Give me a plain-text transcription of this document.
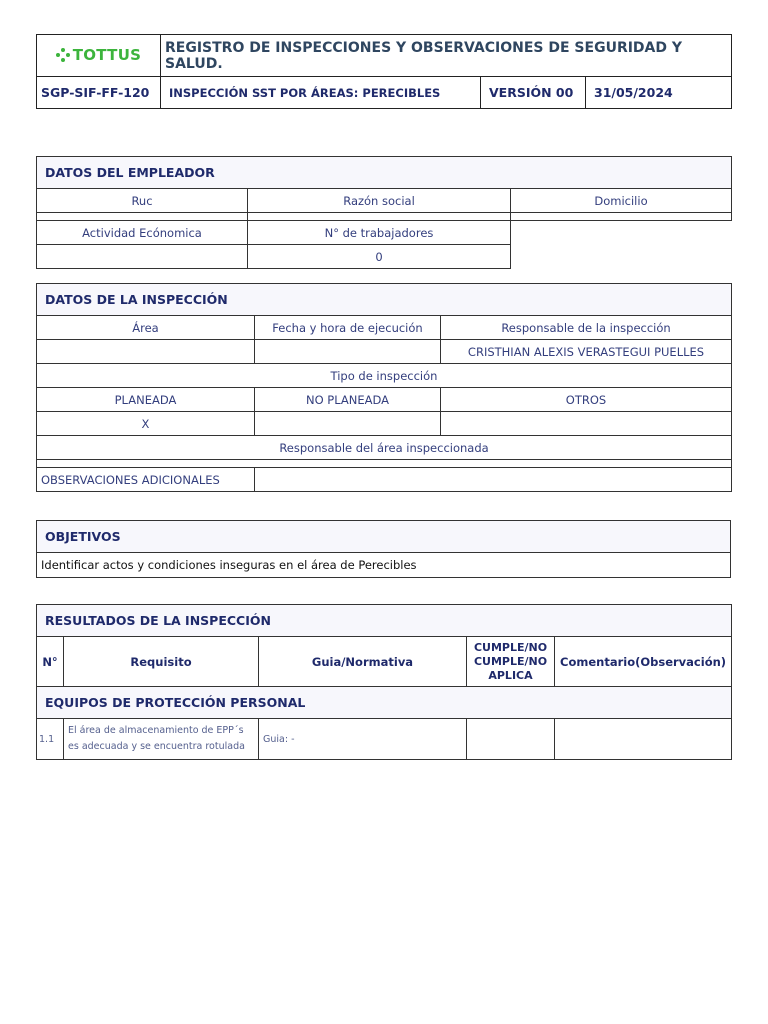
TOTTUS	REGISTRO DE INSPECCIONES Y OBSERVACIONES DE SEGURIDAD Y SALUD.		
SGP-SIF-FF-120	INSPECCIÓN SST POR ÁREAS: PERECIBLES	VERSIÓN 00	31/05/2024
DATOS DEL EMPLEADOR		
Ruc	Razón social	Domicilio

Actividad Ecónomica	N° de trabajadores	
	0	
DATOS DE LA INSPECCIÓN		
Área	Fecha y hora de ejecución	Responsable de la inspección
		CRISTHIAN ALEXIS VERASTEGUI PUELLES
Tipo de inspección		
PLANEADA	NO PLANEADA	OTROS
X		
Responsable del área inspeccionada		

OBSERVACIONES ADICIONALES		
OBJETIVOS
Identificar actos y condiciones inseguras en el área de Perecibles
RESULTADOS DE LA INSPECCIÓN				
N°	Requisito	Guia/Normativa	CUMPLE/NO CUMPLE/NO APLICA	Comentario(Observación)
EQUIPOS DE PROTECCIÓN PERSONAL				
1.1	El área de almacenamiento de EPP´s es adecuada y se encuentra rotulada	Guia: -		
